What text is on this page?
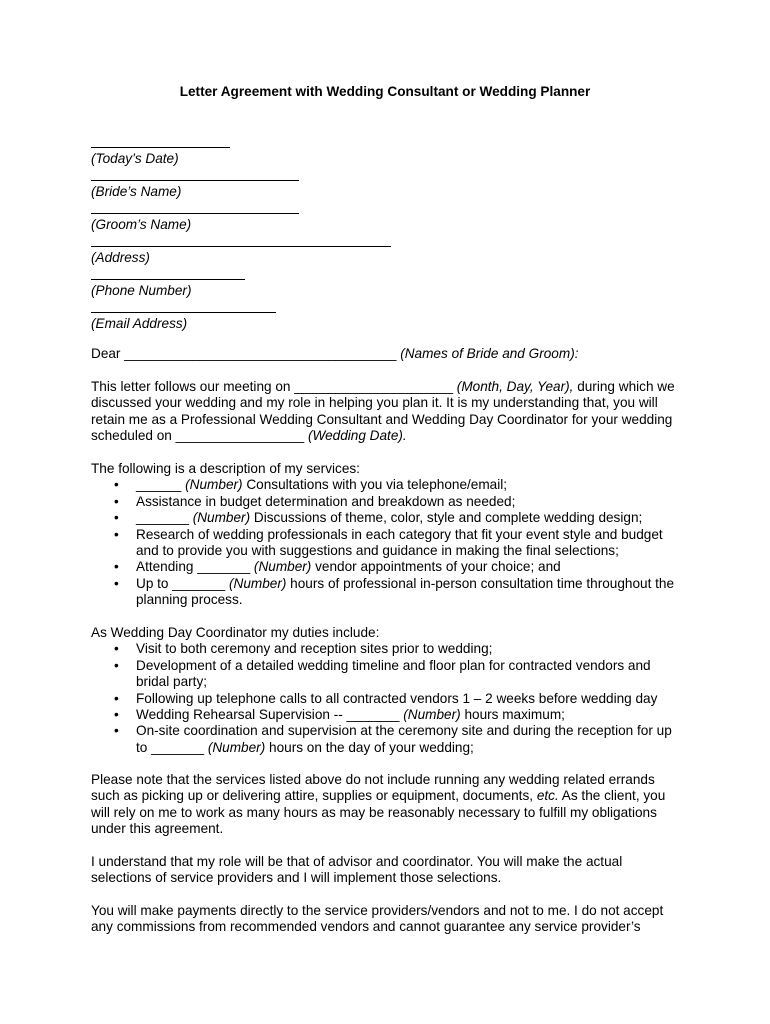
Letter Agreement with Wedding Consultant or Wedding Planner
(Today’s Date)
(Bride’s Name)
(Groom’s Name)
(Address)
(Phone Number)
(Email Address)

Dear ____________________________________ (Names of Bride and Groom):

This letter follows our meeting on _____________________ (Month, Day, Year), during which we discussed your wedding and my role in helping you plan it. It is my understanding that, you will retain me as a Professional Wedding Consultant and Wedding Day Coordinator for your wedding scheduled on _________________ (Wedding Date).

The following is a description of my services:

• ______ (Number) Consultations with you via telephone/email;
• Assistance in budget determination and breakdown as needed;
• _______ (Number) Discussions of theme, color, style and complete wedding design;
• Research of wedding professionals in each category that fit your event style and budget and to provide you with suggestions and guidance in making the final selections;
• Attending _______ (Number) vendor appointments of your choice; and
• Up to _______ (Number) hours of professional in-person consultation time throughout the planning process.

As Wedding Day Coordinator my duties include:

• Visit to both ceremony and reception sites prior to wedding;
• Development of a detailed wedding timeline and floor plan for contracted vendors and bridal party;
• Following up telephone calls to all contracted vendors 1 – 2 weeks before wedding day
• Wedding Rehearsal Supervision -- _______ (Number) hours maximum;
• On-site coordination and supervision at the ceremony site and during the reception for up to _______ (Number) hours on the day of your wedding;

Please note that the services listed above do not include running any wedding related errands such as picking up or delivering attire, supplies or equipment, documents, etc. As the client, you will rely on me to work as many hours as may be reasonably necessary to fulfill my obligations under this agreement.

I understand that my role will be that of advisor and coordinator. You will make the actual selections of service providers and I will implement those selections.

You will make payments directly to the service providers/vendors and not to me. I do not accept any commissions from recommended vendors and cannot guarantee any service provider’s
